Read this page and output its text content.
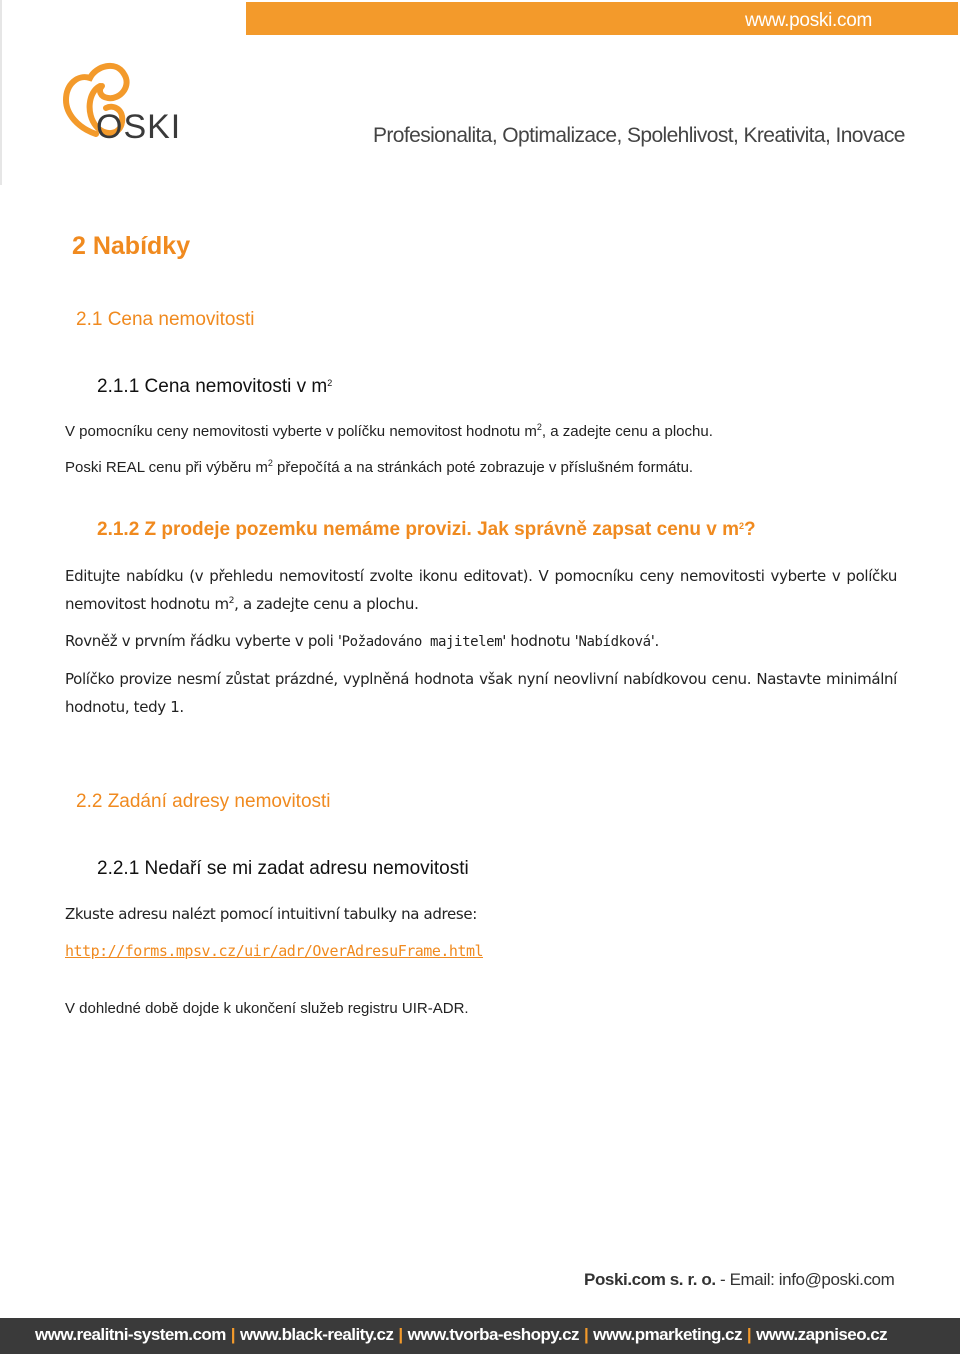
www.poski.com
OSKI	Profesionalita, Optimalizace, Spolehlivost, Kreativita, Inovace
2 Nabídky
2.1 Cena nemovitosti
2.1.1 Cena nemovitosti v $m^2$
V pomocníku ceny nemovitosti vyberte v políčku nemovitost hodnotu $m^2$, a zadejte cenu a plochu.
Poski REAL cenu při výběru $m^2$ přepočítá a na stránkách poté zobrazuje v příslušném formátu.
2.1.2 Z prodeje pozemku nemáme provizi. Jak správně zapsat cenu v $m^2$?
Editujte nabídku (v přehledu nemovitostí zvolte ikonu editovat). V pomocníku ceny nemovitosti vyberte v políčku nemovitost hodnotu $m^2$, a zadejte cenu a plochu.
Rovněž v prvním řádku vyberte v poli 'Požadováno majitelem' hodnotu 'Nabídková'.
Políčko provize nesmí zůstat prázdné, vyplněná hodnota však nyní neovlivní nabídkovou cenu. Nastavte minimální hodnotu, tedy 1.
2.2 Zadání adresy nemovitosti
2.2.1 Nedaří se mi zadat adresu nemovitosti
Zkuste adresu nalézt pomocí intuitivní tabulky na adrese:
http://forms.mpsv.cz/uir/adr/OverAdresuFrame.html
V dohledné době dojde k ukončení služeb registru UIR-ADR.
Poski.com s. r. o. - Email: info@poski.com
www.realitni-system.com | www.black-reality.cz | www.tvorba-eshopy.cz | www.pmarketing.cz | www.zapniseo.cz
